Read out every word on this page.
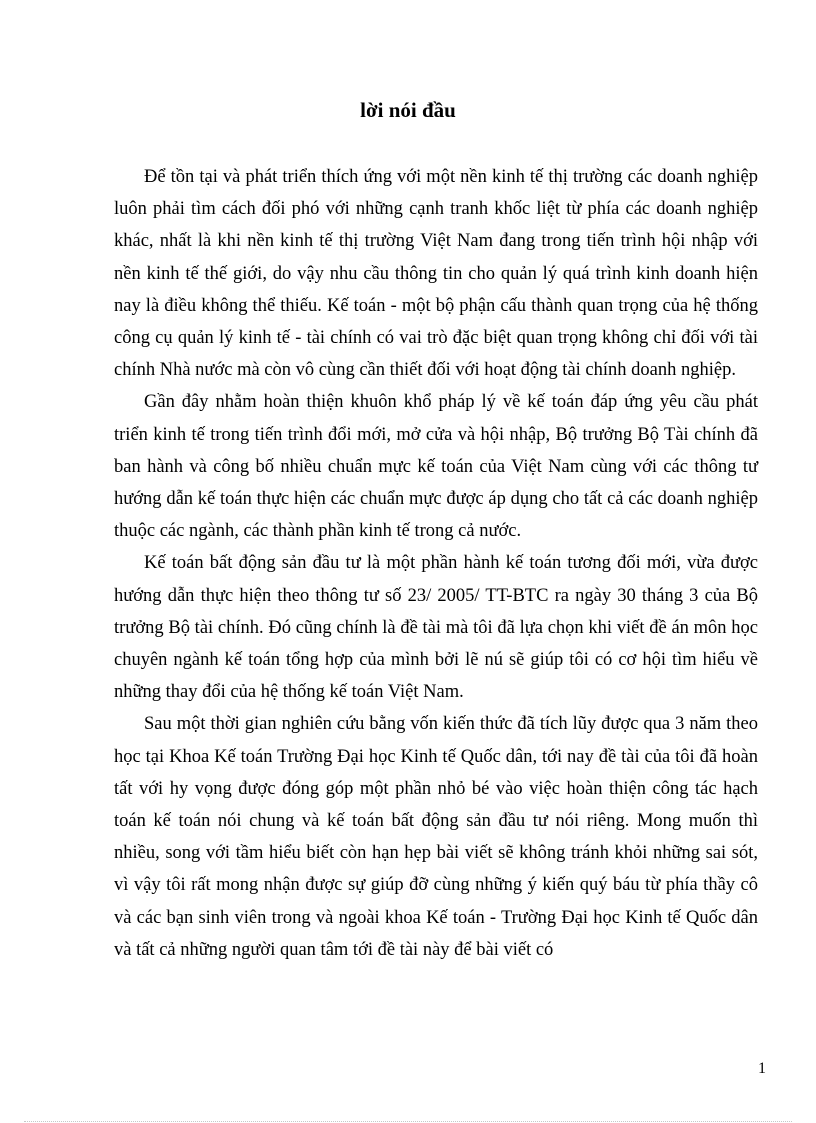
lời nói đầu

Để tồn tại và phát triển thích ứng với một nền kinh tế thị trường các doanh nghiệp luôn phải tìm cách đối phó với những cạnh tranh khốc liệt từ phía các doanh nghiệp khác, nhất là khi nền kinh tế thị trường Việt Nam đang trong tiến trình hội nhập với nền kinh tế thế giới, do vậy nhu cầu thông tin cho quản lý quá trình kinh doanh hiện nay là điều không thể thiếu. Kế toán - một bộ phận cấu thành quan trọng của hệ thống công cụ quản lý kinh tế - tài chính có vai trò đặc biệt quan trọng không chỉ đối với tài chính Nhà nước mà còn vô cùng cần thiết đối với hoạt động tài chính doanh nghiệp.

Gần đây nhằm hoàn thiện khuôn khổ pháp lý về kế toán đáp ứng yêu cầu phát triển kinh tế trong tiến trình đổi mới, mở cửa và hội nhập, Bộ trưởng Bộ Tài chính đã ban hành và công bố nhiều chuẩn mực kế toán của Việt Nam cùng với các thông tư hướng dẫn kế toán thực hiện các chuẩn mực được áp dụng cho tất cả các doanh nghiệp thuộc các ngành, các thành phần kinh tế trong cả nước.

Kế toán bất động sản đầu tư là một phần hành kế toán tương đối mới, vừa được hướng dẫn thực hiện theo thông tư số 23/ 2005/ TT-BTC ra ngày 30 tháng 3 của Bộ trưởng Bộ tài chính. Đó cũng chính là đề tài mà tôi đã lựa chọn khi viết đề án môn học chuyên ngành kế toán tổng hợp của mình bởi lẽ nú sẽ giúp tôi có cơ hội tìm hiểu về những thay đổi của hệ thống kế toán Việt Nam.

Sau một thời gian nghiên cứu bằng vốn kiến thức đã tích lũy được qua 3 năm theo học tại Khoa Kế toán Trường Đại học Kinh tế Quốc dân, tới nay đề tài của tôi đã hoàn tất với hy vọng được đóng góp một phần nhỏ bé vào việc hoàn thiện công tác hạch toán kế toán nói chung và kế toán bất động sản đầu tư nói riêng. Mong muốn thì nhiều, song với tầm hiểu biết còn hạn hẹp bài viết sẽ không tránh khỏi những sai sót, vì vậy tôi rất mong nhận được sự giúp đỡ cùng những ý kiến quý báu từ phía thầy cô và các bạn sinh viên trong và ngoài khoa Kế toán - Trường Đại học Kinh tế Quốc dân và tất cả những người quan tâm tới đề tài này để bài viết có

1
